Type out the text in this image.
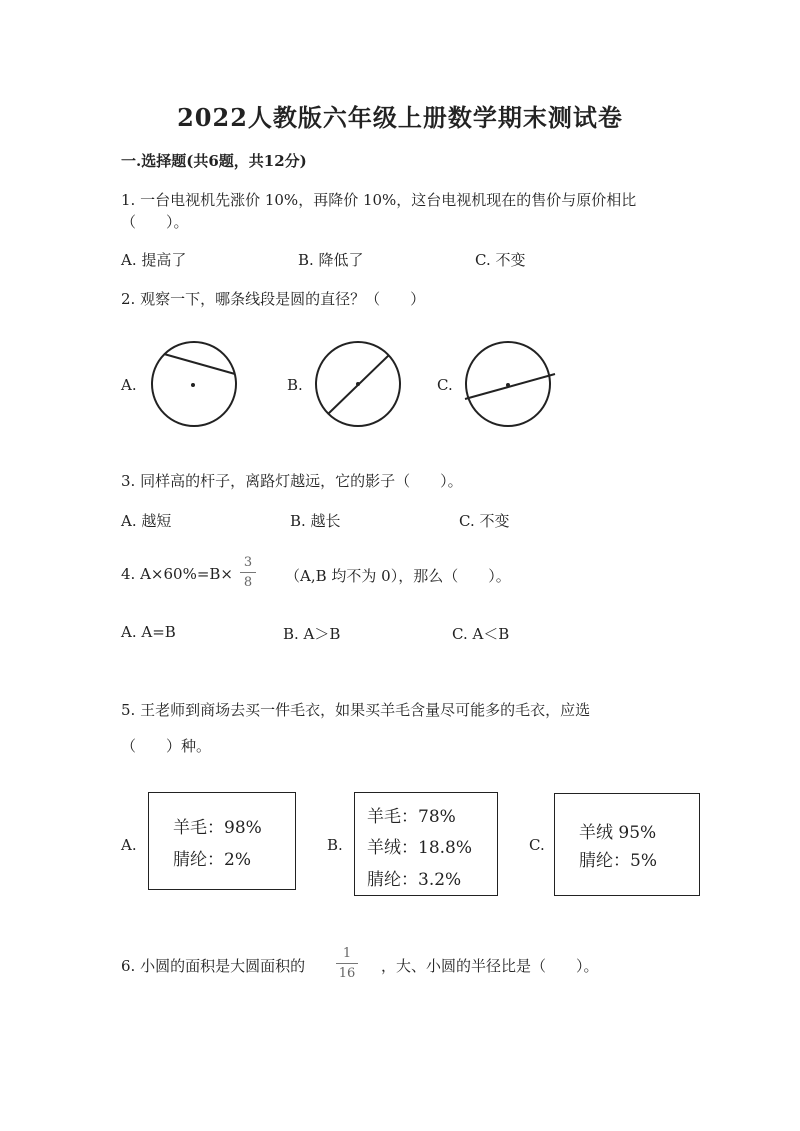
2022人教版六年级上册数学期末测试卷
一.选择题(共6题，共12分)
1. 一台电视机先涨价 10%，再降价 10%，这台电视机现在的售价与原价相比
（　　）。
A. 提高了	B. 降低了	C. 不变
2. 观察一下，哪条线段是圆的直径？（　　）
A.	B.	C.
3. 同样高的杆子，离路灯越远，它的影子（　　）。
A. 越短	B. 越长	C. 不变
4. A×60%=B×
3
8 （A,B 均不为 0），那么（　　）。
A. A=B	B. A＞B	C. A＜B
5. 王老师到商场去买一件毛衣，如果买羊毛含量尽可能多的毛衣，应选
（　　）种。
A.
羊毛：98%
腈纶：2%
B.
羊毛：78%
羊绒：18.8%
腈纶：3.2%
C.
羊绒 95%
腈纶：5%
6. 小圆的面积是大圆面积的
1
16 ，大、小圆的半径比是（　　）。
